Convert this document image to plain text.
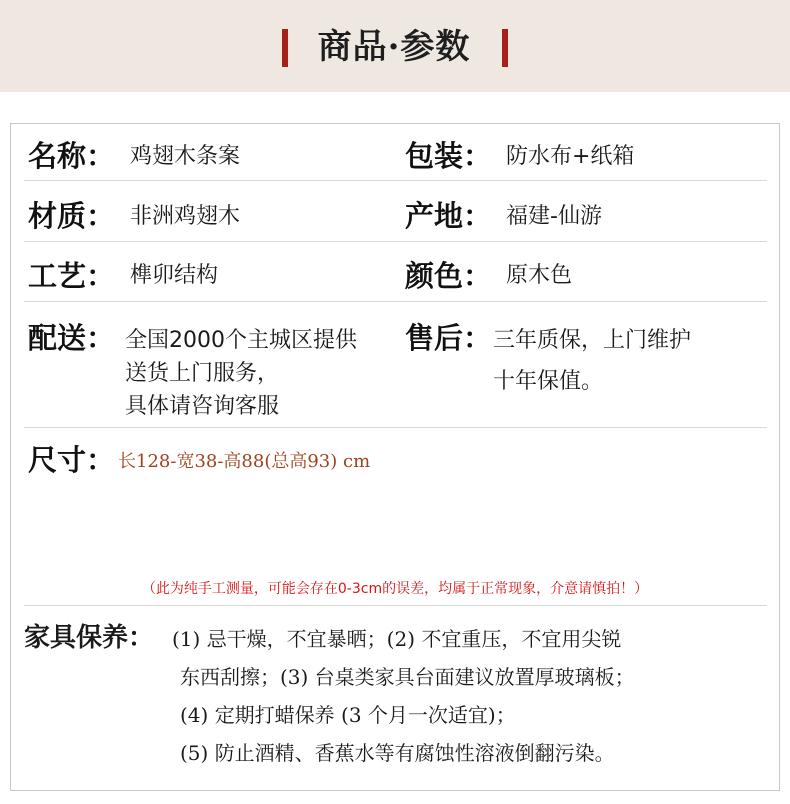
商品·参数
名称： 鸡翅木条案	包装： 防水布+纸箱
材质： 非洲鸡翅木	产地： 福建-仙游
工艺： 榫卯结构	颜色： 原木色
配送： 全国2000个主城区提供
送货上门服务，
具体请咨询客服
售后： 三年质保，上门维护
十年保值。
尺寸： 长128-宽38-高88(总高93) cm
（此为纯手工测量，可能会存在0-3cm的误差，均属于正常现象，介意请慎拍！）
家具保养： (1) 忌干燥，不宜暴晒；(2) 不宜重压，不宜用尖锐
东西刮擦；(3) 台桌类家具台面建议放置厚玻璃板；
(4) 定期打蜡保养 (3 个月一次适宜)；
(5) 防止酒精、香蕉水等有腐蚀性溶液倒翻污染。
